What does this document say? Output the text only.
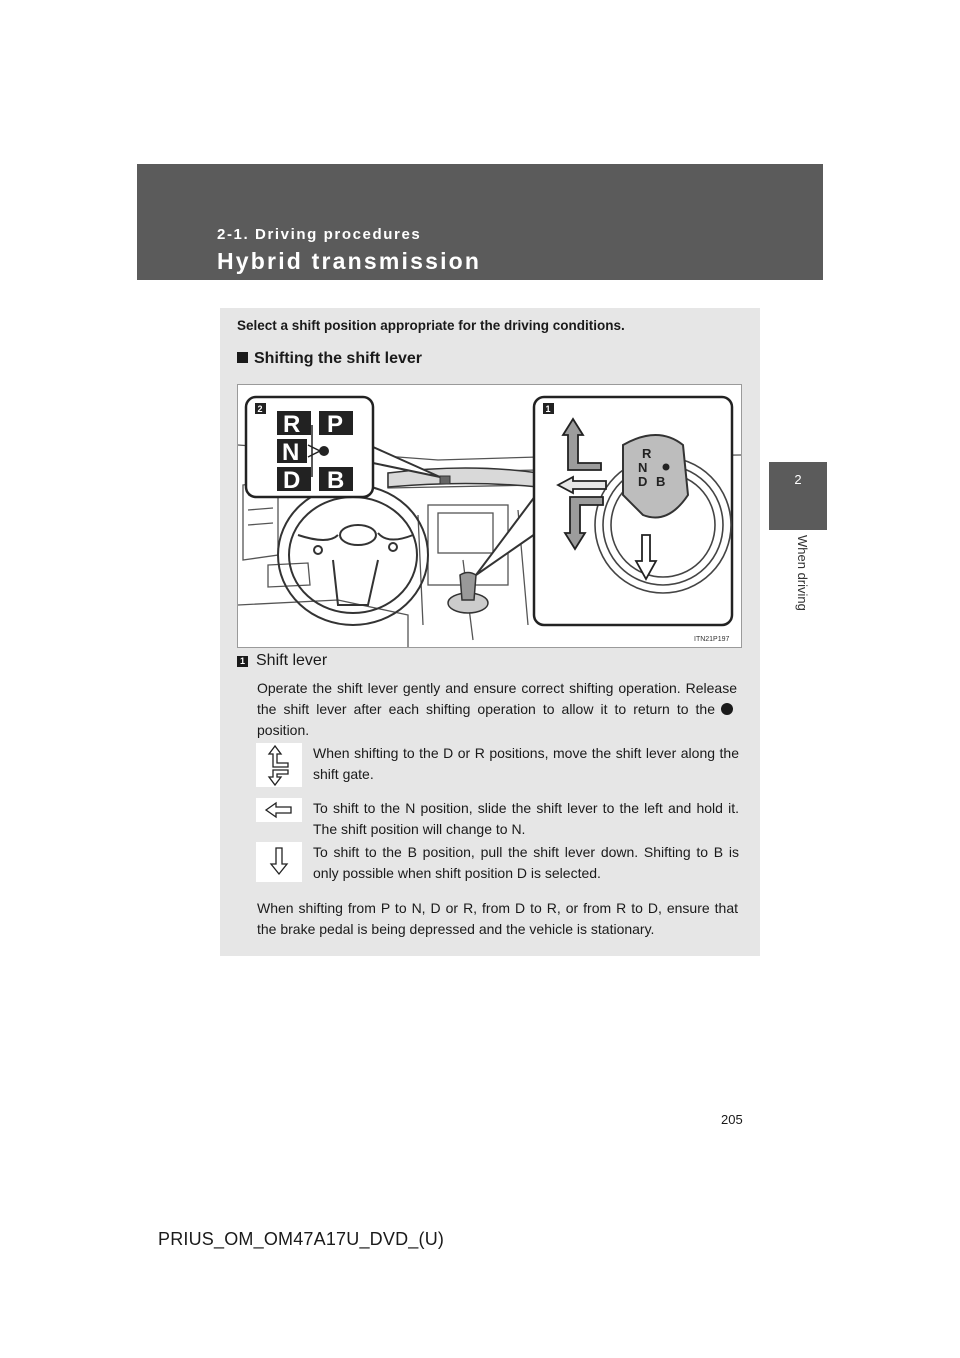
2-1. Driving procedures
Hybrid transmission
2
When driving
Select a shift position appropriate for the driving conditions.
Shifting the shift lever
R P
N
D B
R
N
D B
2	1
ITN21P197
1 Shift lever
Operate the shift lever gently and ensure correct shifting operation. Release the shift lever after each shifting operation to allow it to return to theposition.
When shifting to the D or R positions, move the shift lever along the shift gate.
To shift to the N position, slide the shift lever to the left and hold it. The shift position will change to N.
To shift to the B position, pull the shift lever down. Shifting to B is only possible when shift position D is selected.
When shifting from P to N, D or R, from D to R, or from R to D, ensure that the brake pedal is being depressed and the vehicle is stationary.
205
PRIUS_OM_OM47A17U_DVD_(U)
